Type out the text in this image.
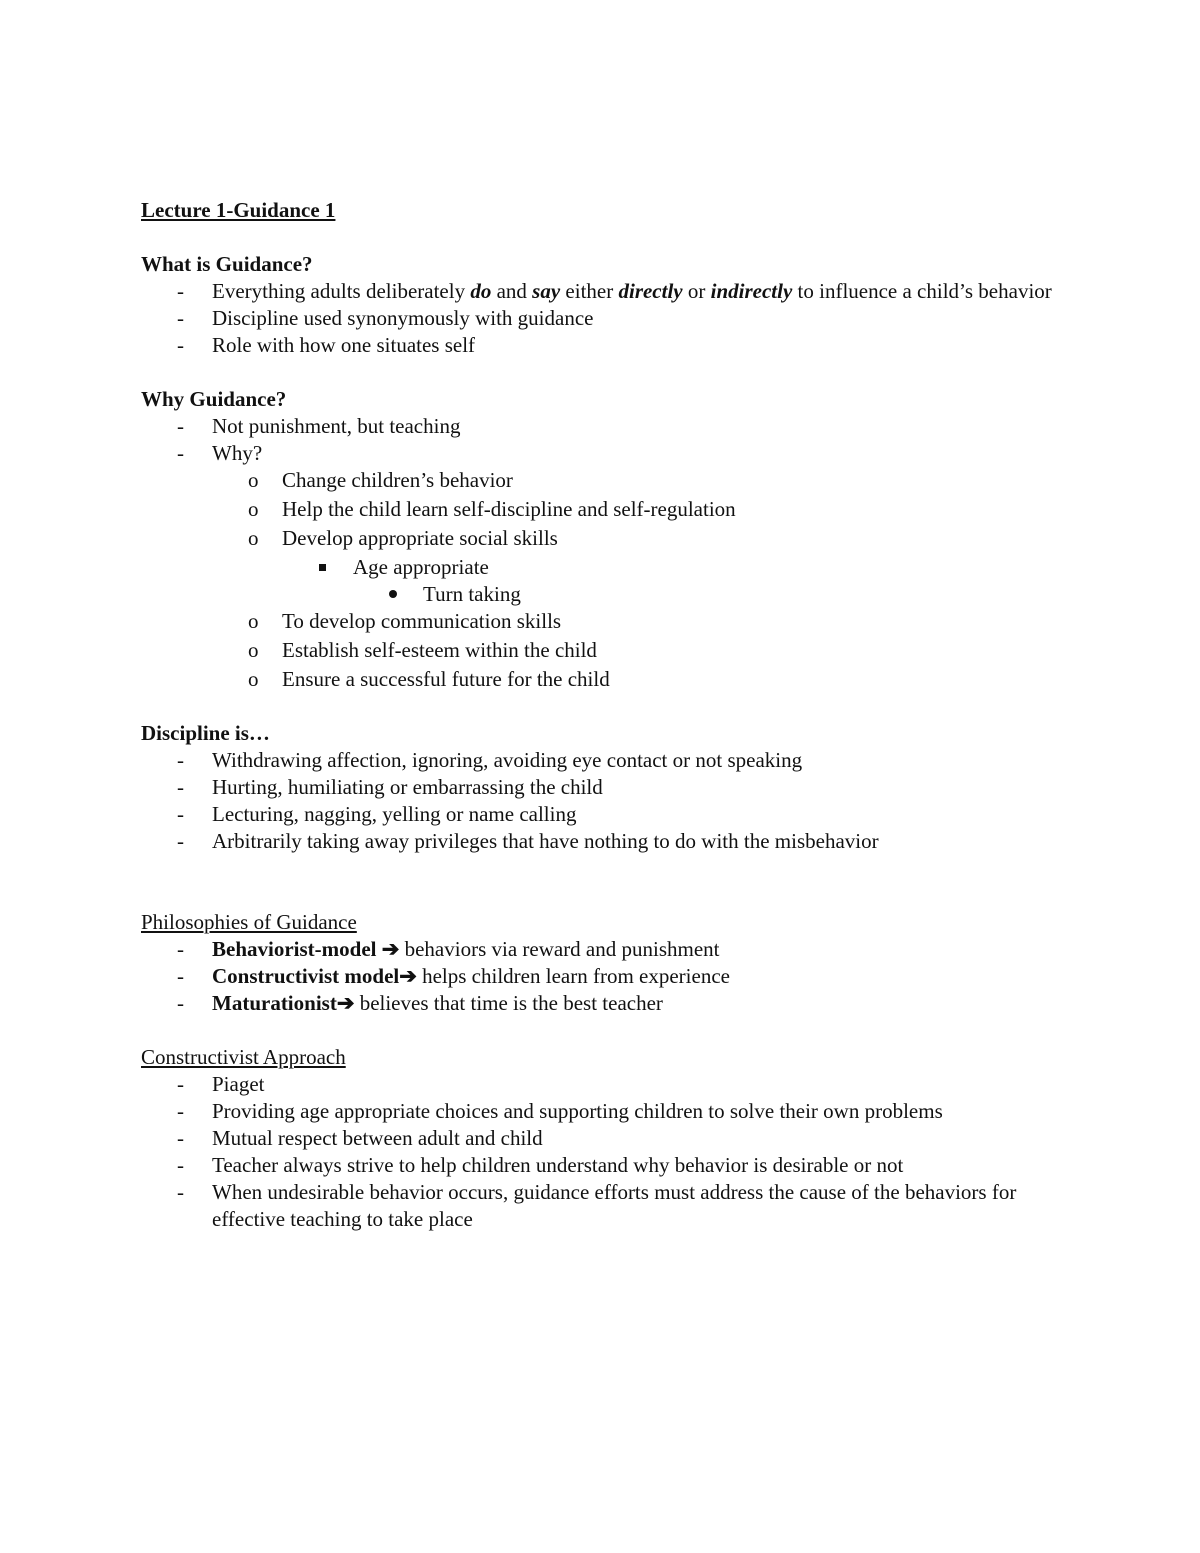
Lecture 1-Guidance 1

What is Guidance?

- Everything adults deliberately do and say either directly or indirectly to influence a child’s behavior
- Discipline used synonymously with guidance
- Role with how one situates self

Why Guidance?

- Not punishment, but teaching
- Why?
o Change children’s behavior
o Help the child learn self-discipline and self-regulation
o Develop appropriate social skills
Age appropriate
Turn taking
o To develop communication skills
o Establish self-esteem within the child
o Ensure a successful future for the child

Discipline is…

- Withdrawing affection, ignoring, avoiding eye contact or not speaking
- Hurting, humiliating or embarrassing the child
- Lecturing, nagging, yelling or name calling
- Arbitrarily taking away privileges that have nothing to do with the misbehavior

Philosophies of Guidance

- Behaviorist-model ➔ behaviors via reward and punishment
- Constructivist model➔ helps children learn from experience
- Maturationist➔ believes that time is the best teacher

Constructivist Approach

- Piaget
- Providing age appropriate choices and supporting children to solve their own problems
- Mutual respect between adult and child
- Teacher always strive to help children understand why behavior is desirable or not
- When undesirable behavior occurs, guidance efforts must address the cause of the behaviors for effective teaching to take place
